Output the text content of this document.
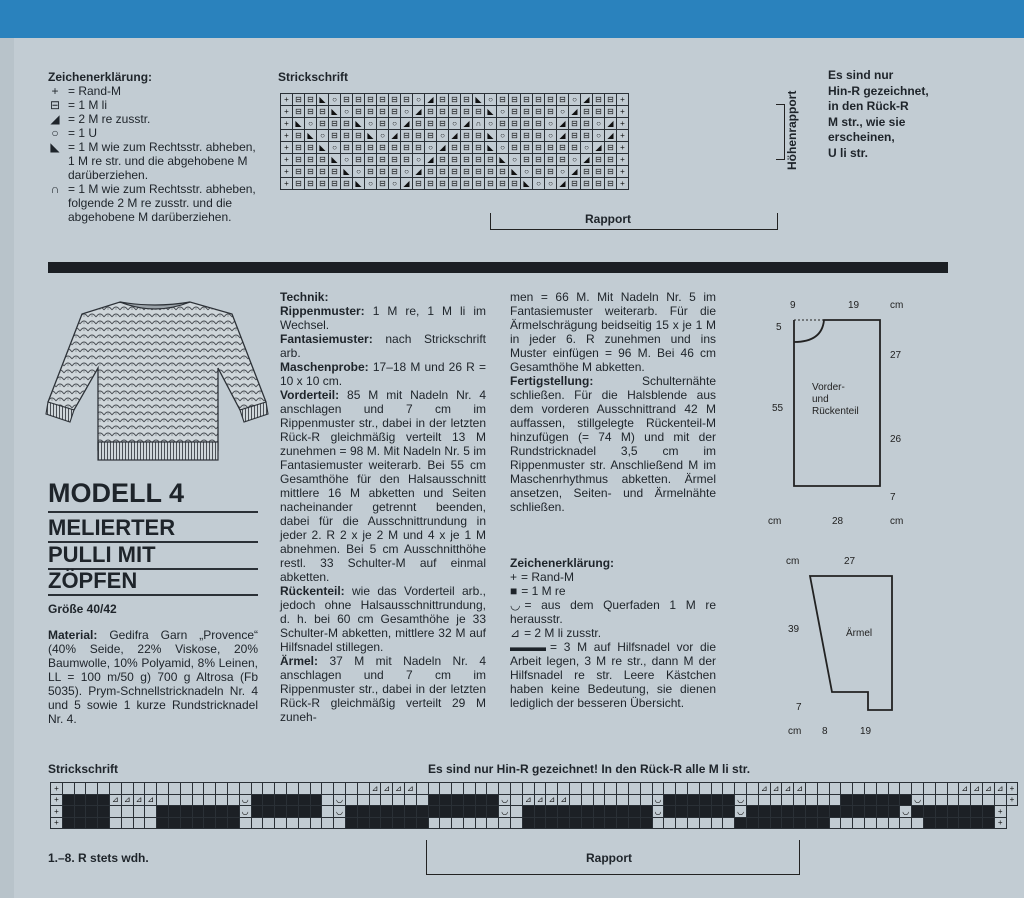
Zeichenerklärung:
+ = Rand-M
⊟ = 1 M li
◢ = 2 M re zusstr.
○ = 1 U
◣ = 1 M wie zum Rechtsstr. abheben, 1 M re str. und die abgehobene M darüberziehen.
∩ = 1 M wie zum Rechtsstr. abheben, folgende 2 M re zusstr. und die abgehobene M darüberziehen.
Strickschrift
+	⊟	⊟	◣	○	⊟	⊟	⊟	⊟	⊟	⊟	○	◢	⊟	⊟	⊟	◣	○	⊟	⊟	⊟	⊟	⊟	⊟	○	◢	⊟	⊟	+
+	⊟	⊟	⊟	◣	○	⊟	⊟	⊟	⊟	○	◢	⊟	⊟	⊟	⊟	⊟	◣	○	⊟	⊟	⊟	⊟	○	◢	⊟	⊟	⊟	+
+	◣	○	⊟	⊟	⊟	◣	○	⊟	○	◢	⊟	⊟	⊟	○	◢	∩	○	⊟	⊟	⊟	⊟	○	◢	⊟	⊟	○	◢	+
+	⊟	◣	○	⊟	⊟	⊟	◣	○	◢	⊟	⊟	⊟	○	◢	⊟	⊟	◣	○	⊟	⊟	⊟	○	◢	⊟	⊟	○	◢	+
+	⊟	⊟	◣	○	⊟	⊟	⊟	⊟	⊟	⊟	⊟	○	◢	⊟	⊟	⊟	◣	○	⊟	⊟	⊟	⊟	⊟	⊟	○	◢	⊟	+
+	⊟	⊟	⊟	◣	○	⊟	⊟	⊟	⊟	⊟	○	◢	⊟	⊟	⊟	⊟	⊟	◣	○	⊟	⊟	⊟	⊟	○	◢	⊟	⊟	+
+	⊟	⊟	⊟	⊟	◣	○	⊟	⊟	⊟	○	◢	⊟	⊟	⊟	⊟	⊟	⊟	⊟	◣	○	⊟	⊟	○	◢	⊟	⊟	⊟	+
+	⊟	⊟	⊟	⊟	⊟	◣	○	⊟	○	◢	⊟	⊟	⊟	⊟	⊟	⊟	⊟	⊟	⊟	◣	○	○	◢	⊟	⊟	⊟	⊟	+
Rapport
Höhenrapport
Es sind nur
Hin-R gezeichnet,
in den Rück-R
M str., wie sie
erscheinen,
U li str.
MODELL 4
MELIERTER
PULLI MIT
ZÖPFEN
Größe 40/42
Material: Gedifra Garn „Provence“ (40% Seide, 22% Viskose, 20% Baumwolle, 10% Polyamid, 8% Leinen, LL = 100 m/50 g) 700 g Altrosa (Fb 5035). Prym-Schnellstricknadeln Nr. 4 und 5 sowie 1 kurze Rundstricknadel Nr. 4.
Technik:
Rippenmuster: 1 M re, 1 M li im Wechsel.
Fantasiemuster: nach Strickschrift arb.
Maschenprobe: 17–18 M und 26 R = 10 x 10 cm.
Vorderteil: 85 M mit Nadeln Nr. 4 anschlagen und 7 cm im Rippenmuster str., dabei in der letzten Rück-R gleichmäßig verteilt 13 M zunehmen = 98 M. Mit Nadeln Nr. 5 im Fantasiemuster weiterarb. Bei 55 cm Gesamthöhe für den Halsausschnitt mittlere 16 M abketten und Seiten nacheinander getrennt beenden, dabei für die Ausschnittrundung in jeder 2. R 2 x je 2 M und 4 x je 1 M abnehmen. Bei 5 cm Ausschnitthöhe restl. 33 Schulter-M auf einmal abketten.
Rückenteil: wie das Vorderteil arb., jedoch ohne Halsausschnittrundung, d. h. bei 60 cm Gesamthöhe je 33 Schulter-M abketten, mittlere 32 M auf Hilfsnadel stillegen.
Ärmel: 37 M mit Nadeln Nr. 4 anschlagen und 7 cm im Rippenmuster str., dabei in der letzten Rück-R gleichmäßig verteilt 29 M zuneh-
men = 66 M. Mit Nadeln Nr. 5 im Fantasiemuster weiterarb. Für die Ärmelschrägung beidseitig 15 x je 1 M in jeder 6. R zunehmen und ins Muster einfügen = 96 M. Bei 46 cm Gesamthöhe M abketten.
Fertigstellung:	Schulternähte schließen. Für die Halsblende aus dem vorderen Ausschnittrand 42 M auffassen, stillgelegte Rückenteil-M hinzufügen (= 74 M) und mit der Rundstricknadel 3,5 cm im Rippenmuster str. Anschließend M im Maschenrhythmus abketten. Ärmel ansetzen, Seiten- und Ärmelnähte schließen.
Zeichenerklärung:
+ = Rand-M
■ = 1 M re
◡ = aus dem Querfaden 1 M re herausstr.
⊿ = 2 M li zusstr.
▬▬▬ = 3 M auf Hilfsnadel vor die Arbeit legen, 3 M re str., dann M der Hilfsnadel re str. Leere Kästchen haben keine Bedeutung, sie dienen lediglich der besseren Übersicht.
9	19	cm
5
55
27
26
7
cm	28	cm
Vorder-
und
Rückenteil
cm	27
39
7
Ärmel
cm 8	19
Strickschrift	Es sind nur Hin-R gezeichnet! In den Rück-R alle M li str.
+																											⊿	⊿	⊿	⊿																														⊿	⊿	⊿	⊿														⊿	⊿	⊿	⊿	+
+					⊿	⊿	⊿	⊿								◡								◡														◡		⊿	⊿	⊿	⊿								◡							◡															◡								+
+																◡								◡														◡													◡							◡														◡								+
+																																																																																+
1.–8. R stets wdh.	Rapport
